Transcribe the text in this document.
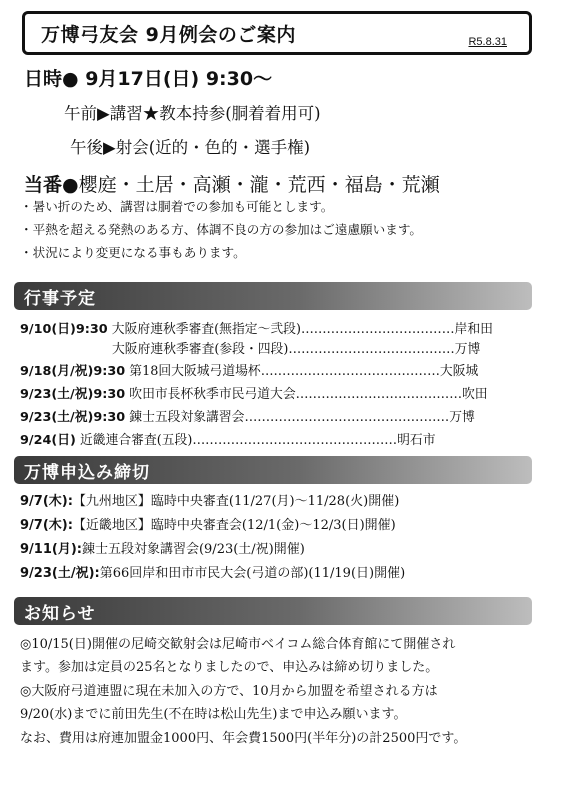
万博弓友会 9月例会のご案内	R5.8.31
日時● 9月17日(日) 9:30〜
午前▶講習★教本持参(胴着着用可)
午後▶射会(近的・色的・選手権)
当番●櫻庭・土居・高瀬・瀧・荒西・福島・荒瀬
・暑い折のため、講習は胴着での参加も可能とします。
・平熱を超える発熱のある方、体調不良の方の参加はご遠慮願います。
・状況により変更になる事もあります。
行事予定
9/10(日)9:30 大阪府連秋季審査(無指定〜弐段)………………………………岸和田
大阪府連秋季審査(参段・四段)…………………………………万博
9/18(月/祝)9:30 第18回大阪城弓道場杯……………………………………大阪城
9/23(土/祝)9:30 吹田市長杯秋季市民弓道大会…………………………………吹田
9/23(土/祝)9:30 錬士五段対象講習会…………………………………………万博
9/24(日) 近畿連合審査(五段)…………………………………………明石市
万博申込み締切
9/7(木):【九州地区】臨時中央審査(11/27(月)〜11/28(火)開催)
9/7(木):【近畿地区】臨時中央審査会(12/1(金)〜12/3(日)開催)
9/11(月):錬士五段対象講習会(9/23(土/祝)開催)
9/23(土/祝):第66回岸和田市市民大会(弓道の部)(11/19(日)開催)
お知らせ
◎10/15(日)開催の尼崎交歓射会は尼崎市ベイコム総合体育館にて開催され
ます。参加は定員の25名となりましたので、申込みは締め切りました。
◎大阪府弓道連盟に現在未加入の方で、10月から加盟を希望される方は
9/20(水)までに前田先生(不在時は松山先生)まで申込み願います。
なお、費用は府連加盟金1000円、年会費1500円(半年分)の計2500円です。
